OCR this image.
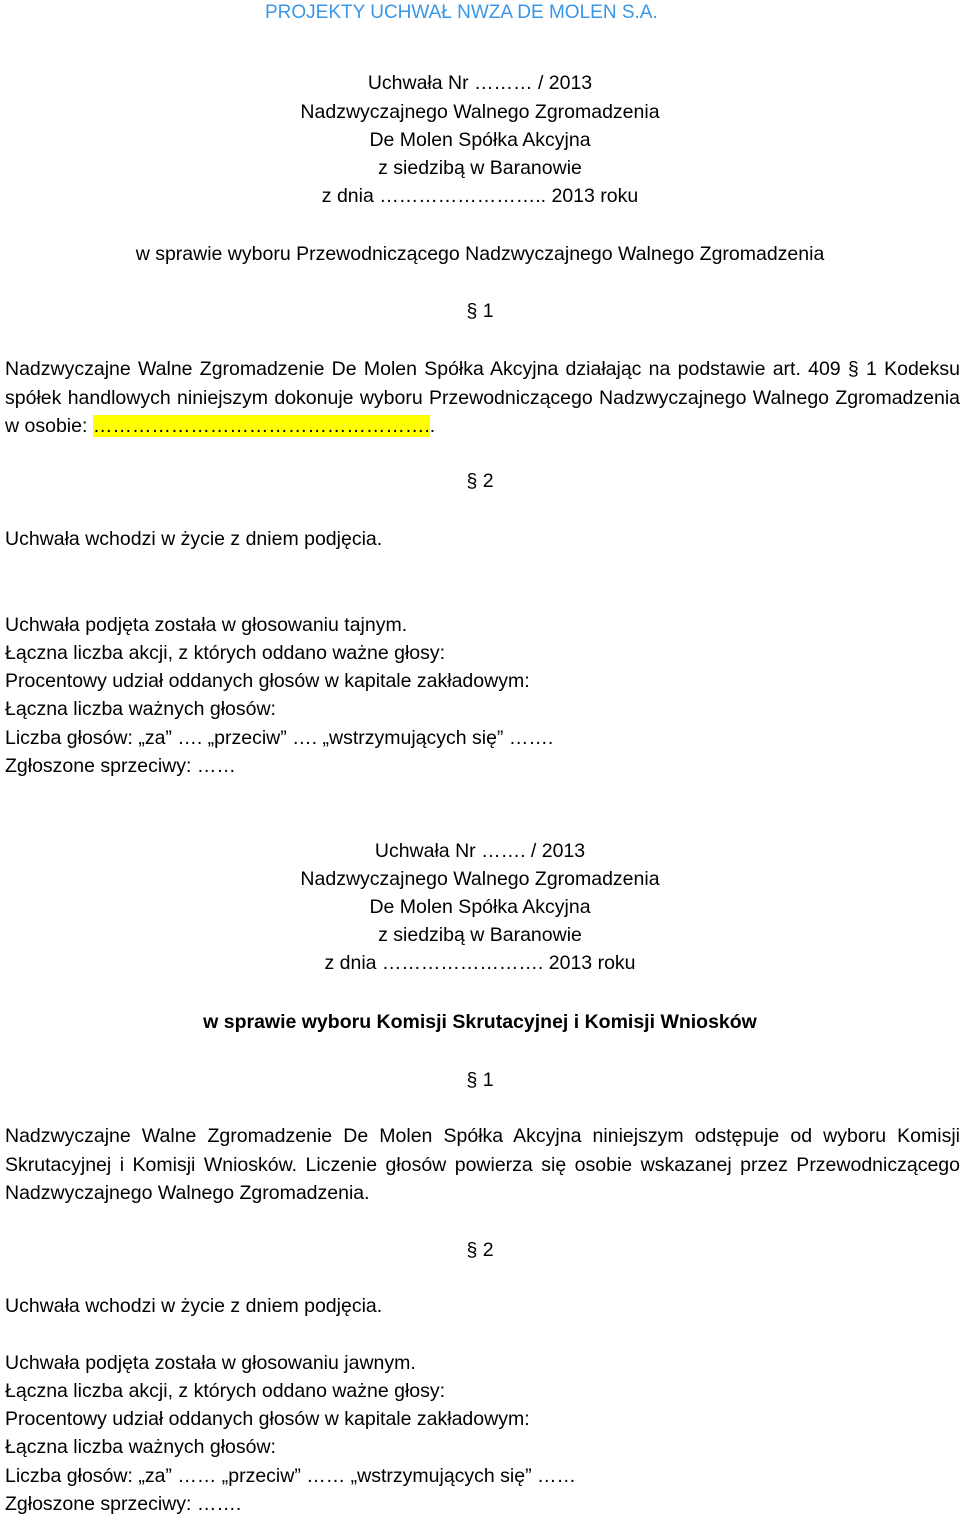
PROJEKTY UCHWAŁ NWZA DE MOLEN S.A.
Uchwała Nr ……… / 2013
Nadzwyczajnego Walnego Zgromadzenia
De Molen Spółka Akcyjna
z siedzibą w Baranowie
z dnia …………………….. 2013 roku
w sprawie wyboru Przewodniczącego Nadzwyczajnego Walnego Zgromadzenia
§ 1
Nadzwyczajne Walne Zgromadzenie De Molen Spółka Akcyjna działając na podstawie art. 409 § 1 Kodeksu spółek handlowych niniejszym dokonuje wyboru Przewodniczącego Nadzwyczajnego Walnego Zgromadzenia w osobie: ……………………………………………..
§ 2
Uchwała wchodzi w życie z dniem podjęcia.
Uchwała podjęta została w głosowaniu tajnym.
Łączna liczba akcji, z których oddano ważne głosy:
Procentowy udział oddanych głosów w kapitale zakładowym:
Łączna liczba ważnych głosów:
Liczba głosów: „za” …. „przeciw” …. „wstrzymujących się” …….
Zgłoszone sprzeciwy: ……
Uchwała Nr ……. / 2013
Nadzwyczajnego Walnego Zgromadzenia
De Molen Spółka Akcyjna
z siedzibą w Baranowie
z dnia ……………………. 2013 roku
w sprawie wyboru Komisji Skrutacyjnej i Komisji Wniosków
§ 1
Nadzwyczajne Walne Zgromadzenie De Molen Spółka Akcyjna niniejszym odstępuje od wyboru Komisji Skrutacyjnej i Komisji Wniosków. Liczenie głosów powierza się osobie wskazanej przez Przewodniczącego Nadzwyczajnego Walnego Zgromadzenia.
§ 2
Uchwała wchodzi w życie z dniem podjęcia.
Uchwała podjęta została w głosowaniu jawnym.
Łączna liczba akcji, z których oddano ważne głosy:
Procentowy udział oddanych głosów w kapitale zakładowym:
Łączna liczba ważnych głosów:
Liczba głosów: „za” …… „przeciw” …… „wstrzymujących się” ……
Zgłoszone sprzeciwy: …….
